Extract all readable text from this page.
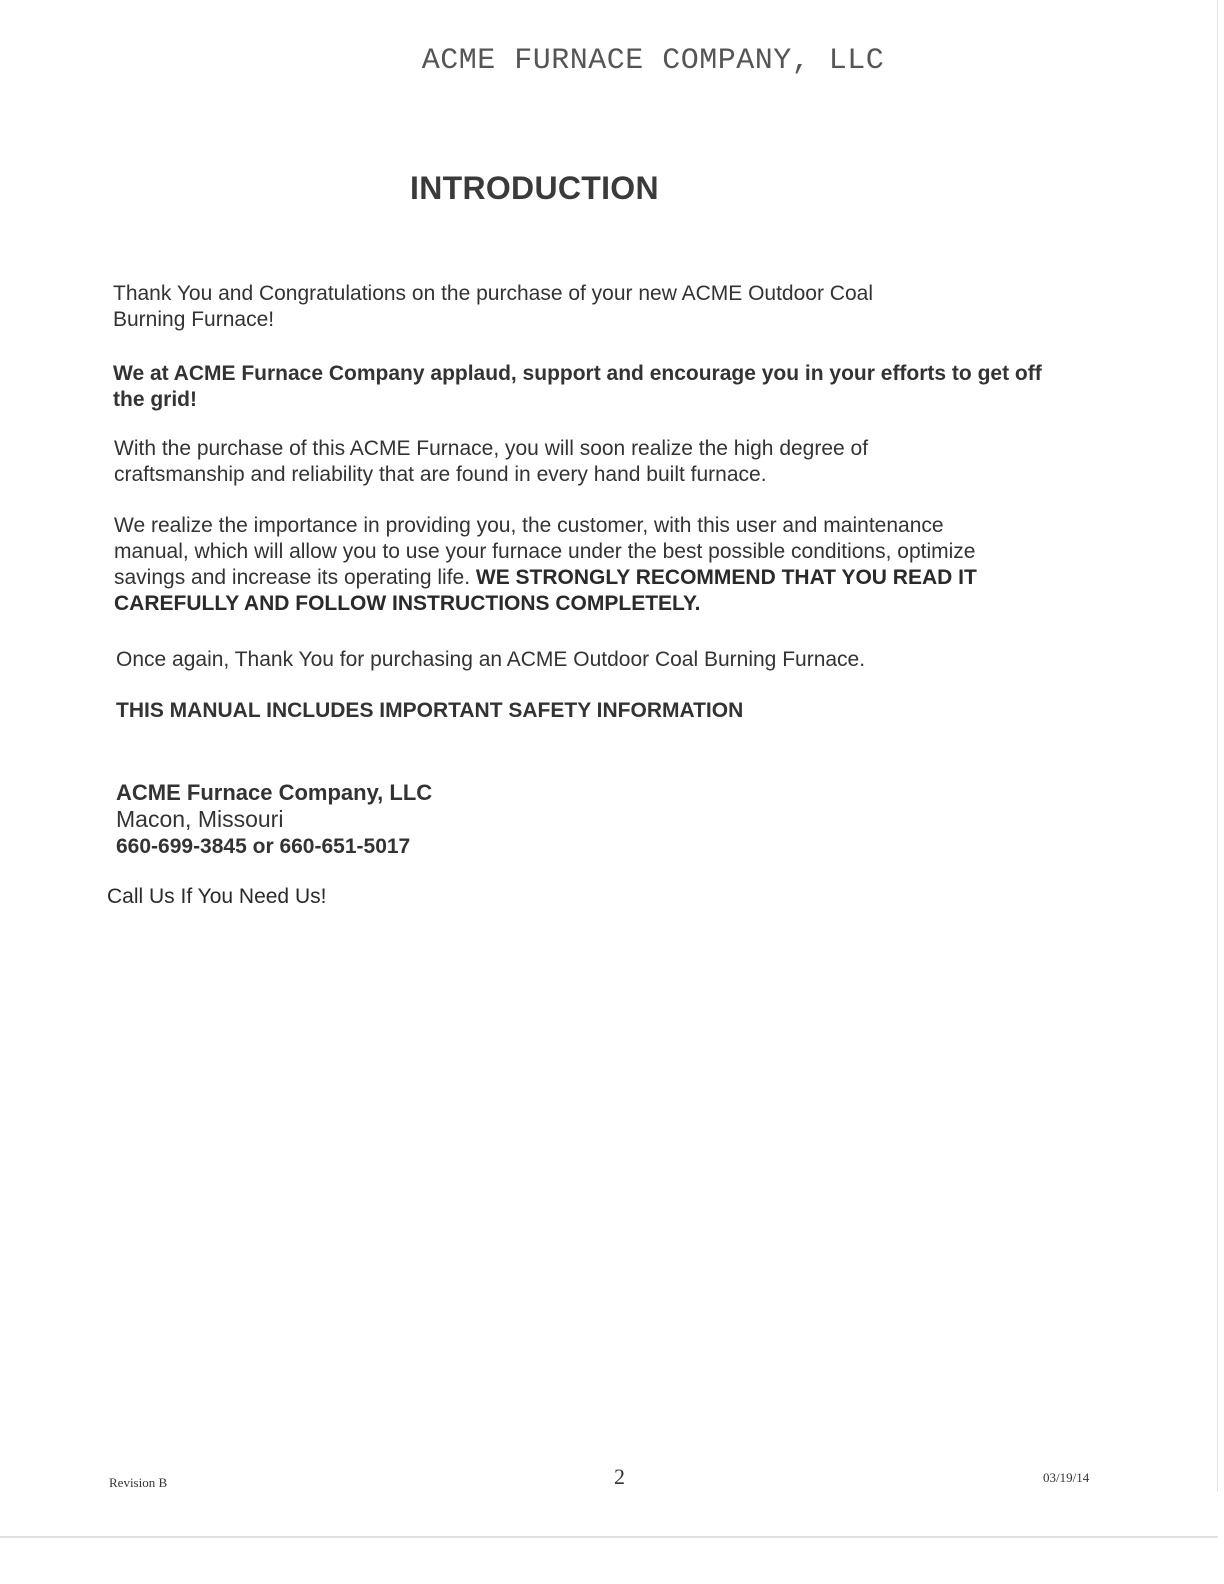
ACME FURNACE COMPANY, LLC
INTRODUCTION
Thank You and Congratulations on the purchase of your new ACME Outdoor Coal
Burning Furnace!
We at ACME Furnace Company applaud, support and encourage you in your efforts to get off the grid!
With the purchase of this ACME Furnace, you will soon realize the high degree of
craftsmanship and reliability that are found in every hand built furnace.
We realize the importance in providing you, the customer, with this user and maintenance
manual, which will allow you to use your furnace under the best possible conditions, optimize
savings and increase its operating life. WE STRONGLY RECOMMEND THAT YOU READ IT CAREFULLY AND FOLLOW INSTRUCTIONS COMPLETELY.
Once again, Thank You for purchasing an ACME Outdoor Coal Burning Furnace.
THIS MANUAL INCLUDES IMPORTANT SAFETY INFORMATION
ACME Furnace Company, LLC
Macon, Missouri
660-699-3845 or 660-651-5017
Call Us If You Need Us!
Revision B	2	03/19/14
